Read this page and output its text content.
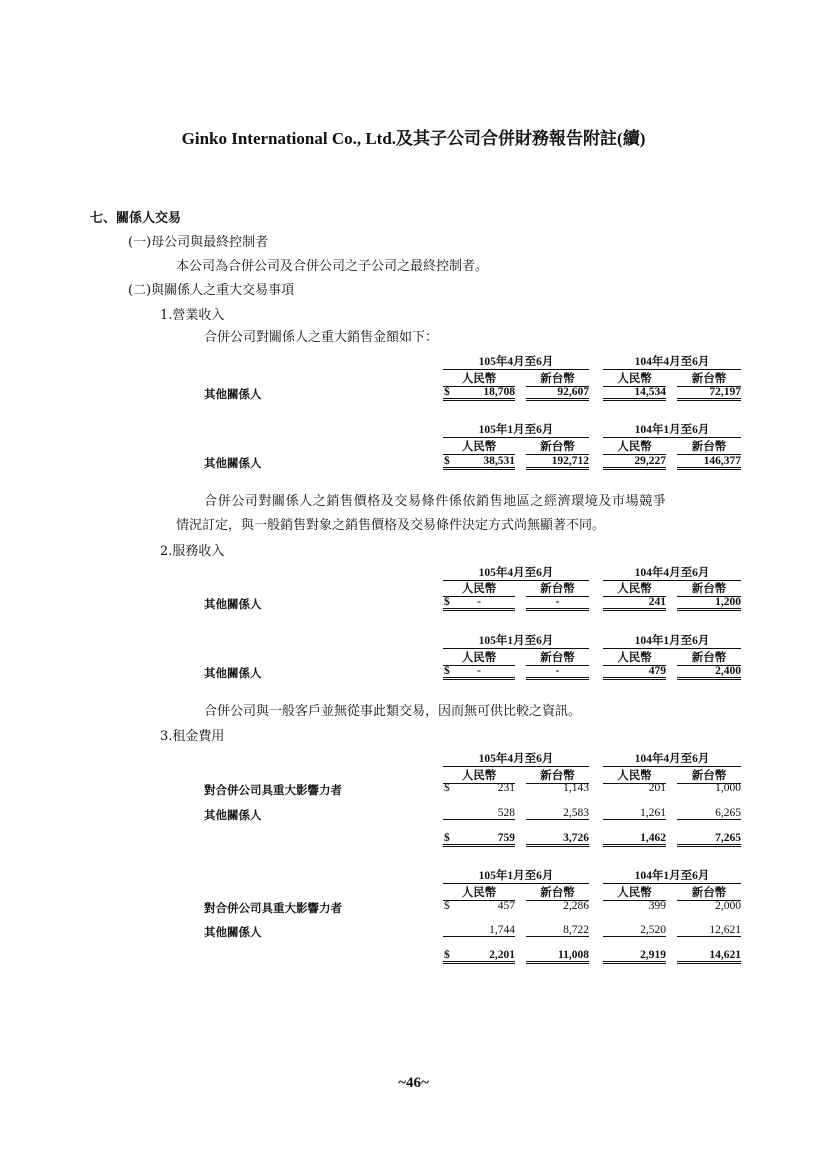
Ginko International Co., Ltd.及其子公司合併財務報告附註(續)
七、關係人交易
(一)母公司與最終控制者
本公司為合併公司及合併公司之子公司之最終控制者。
(二)與關係人之重大交易事項
1.營業收入
合併公司對關係人之重大銷售金額如下：
105年4月至6月	104年4月至6月
人民幣	新台幣	人民幣	新台幣
其他關係人	$	18,708	92,607	14,534	72,197
105年1月至6月	104年1月至6月
人民幣	新台幣	人民幣	新台幣
其他關係人	$	38,531	192,712	29,227	146,377
合併公司對關係人之銷售價格及交易條件係依銷售地區之經濟環境及市場競爭
情況訂定，與一般銷售對象之銷售價格及交易條件決定方式尚無顯著不同。
2.服務收入
105年4月至6月	104年4月至6月
人民幣	新台幣	人民幣	新台幣
其他關係人	$	-	-	241	1,200
105年1月至6月	104年1月至6月
人民幣	新台幣	人民幣	新台幣
其他關係人	$	-	-	479	2,400
合併公司與一般客戶並無從事此類交易，因而無可供比較之資訊。
3.租金費用
105年4月至6月	104年4月至6月
人民幣	新台幣	人民幣	新台幣
對合併公司具重大影響力者	$	231	1,143	201	1,000
其他關係人	528	2,583	1,261	6,265
$	759	3,726	1,462	7,265
105年1月至6月	104年1月至6月
人民幣	新台幣	人民幣	新台幣
對合併公司具重大影響力者	$	457	2,286	399	2,000
其他關係人	1,744	8,722	2,520	12,621
$	2,201	11,008	2,919	14,621
~46~
